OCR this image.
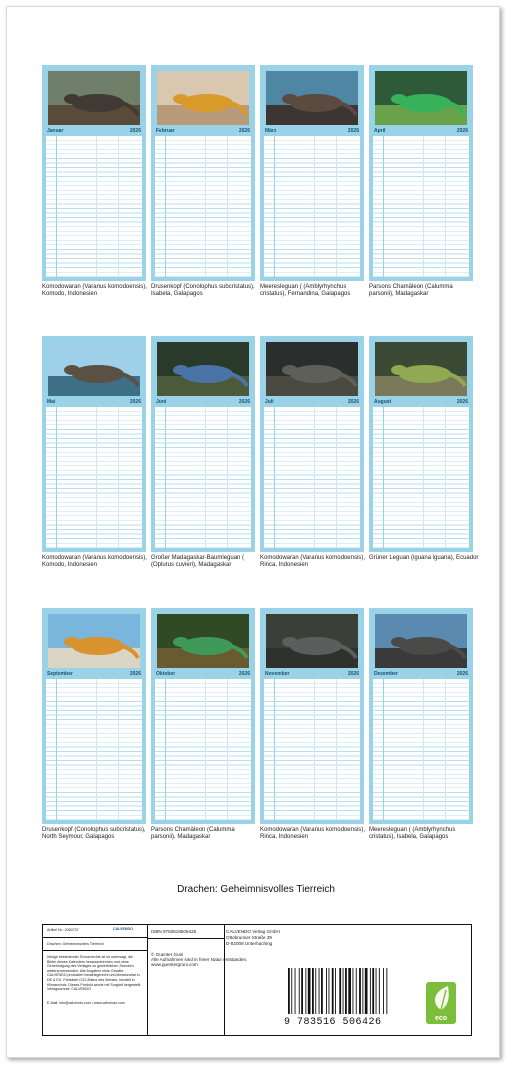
Januar	2026
Komodowaran (Varanus komodoensis), Komodo, Indonesien
Februar	2026
Drusenkopf (Conolophus subcristatus), Isabela, Galapagos
März	2026
Meeresleguan ( (Amblyrhynchus cristatus), Fernandina, Galapagos
April	2026
Parsons Chamäleon (Calumma parsonii), Madagaskar
Mai	2026
Komodowaran (Varanus komodoensis), Komodo, Indonesien
Juni	2026
Großer Madagaskar-Baumleguan ( (Oplurus cuvieri), Madagaskar
Juli	2026
Komodowaran (Varanus komodoensis), Rinca, Indonesien
August	2026
Grüner Leguan (iguana iguana), Ecuador
September	2026
Drusenkopf (Conolophus subcristatus), North Seymour, Galapagos
Oktober	2026
Parsons Chamäleon (Calumma parsonii), Madagaskar
November	2026
Komodowaran (Varanus komodoensis), Rinca, Indonesien
Dezember	2026
Meeresleguan ( (Amblyrhynchus cristatus), Isabela, Galapagos
Drachen: Geheimnisvolles Tierreich
Artikel Nr.: 2060737	CALVENDO
Drachen: Geheimnisvolles Tierreich
Infolge bestehender Schutzrechte ist es untersagt, die Bilder dieses Kalenders herauszutrennen und ohne Genehmigung des Verlages zu gewerblichen Zwecken weiterzuverwenden. Alle Angaben ohne Gewähr. CALVENDO produziert bedarfsgerecht und klimaneutral in DE & EU. Preisliste CO2-Bilanz des Werkes, bezahlt in Klimaschutz. Dieses Produkt wurde mit Sorgfalt hergestellt. Verlagsschutz: CALVENDO
E-Mail: info@calvendo.com • www.calvendo.com
ISBN 9783516506426
© Guenter Guni
Alle Aufnahmen sind in freier Natur entstanden.
www.guentergruni.com
CALVENDO Verlag GmbH
Ottobrunner Straße 39
D-82008 Unterhaching
9 783516 506426	eco
